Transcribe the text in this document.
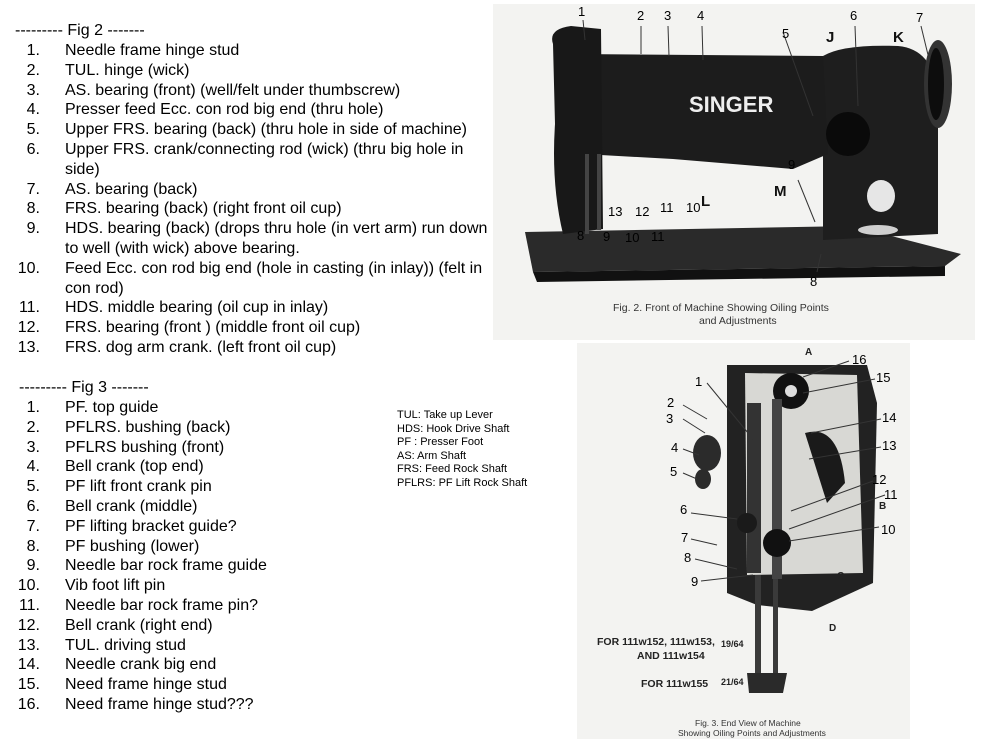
--------- Fig 2 -------
1. Needle frame hinge stud
2. TUL. hinge (wick)
3. AS. bearing (front) (well/felt under thumbscrew)
4. Presser feed Ecc. con rod big end (thru hole)
5. Upper FRS. bearing (back) (thru hole in side of machine)
6. Upper FRS. crank/connecting rod (wick) (thru big hole in side)
7. AS. bearing (back)
8. FRS. bearing (back) (right front oil cup)
9. HDS. bearing (back) (drops thru hole (in vert arm) run down to well (with wick) above bearing.
10. Feed Ecc. con rod big end (hole in casting (in inlay)) (felt in con rod)
11. HDS. middle bearing (oil cup in inlay)
12. FRS. bearing (front ) (middle front oil cup)
13. FRS. dog arm crank. (left front oil cup)
--------- Fig 3 -------
1. PF. top guide
2. PFLRS. bushing (back)
3. PFLRS bushing (front)
4. Bell crank (top end)
5. PF lift front crank pin
6. Bell crank (middle)
7. PF lifting bracket guide?
8. PF bushing (lower)
9. Needle bar rock frame guide
10. Vib foot lift pin
11. Needle bar rock frame pin?
12. Bell crank (right end)
13. TUL. driving stud
14. Needle crank big end
15. Need frame hinge stud
16. Need frame hinge stud???
TUL: Take up Lever
HDS: Hook Drive Shaft
PF : Presser Foot
AS: Arm Shaft
FRS: Feed Rock Shaft
PFLRS: PF Lift Rock Shaft
SINGER
1	2 3 4
5
6	7
8
9
10
11
12
13
8 9 10 11
J	K
L
M
Fig. 2. Front of Machine Showing Oiling Points
and Adjustments
1
2
3
4
5
6
7
8
9
10
11
12
13
14
15
16
A
B
C
D
FOR 111w152, 111w153,
AND 111w154
FOR 111w155
19/64
21/64
Fig. 3. End View of Machine
Showing Oiling Points and Adjustments
